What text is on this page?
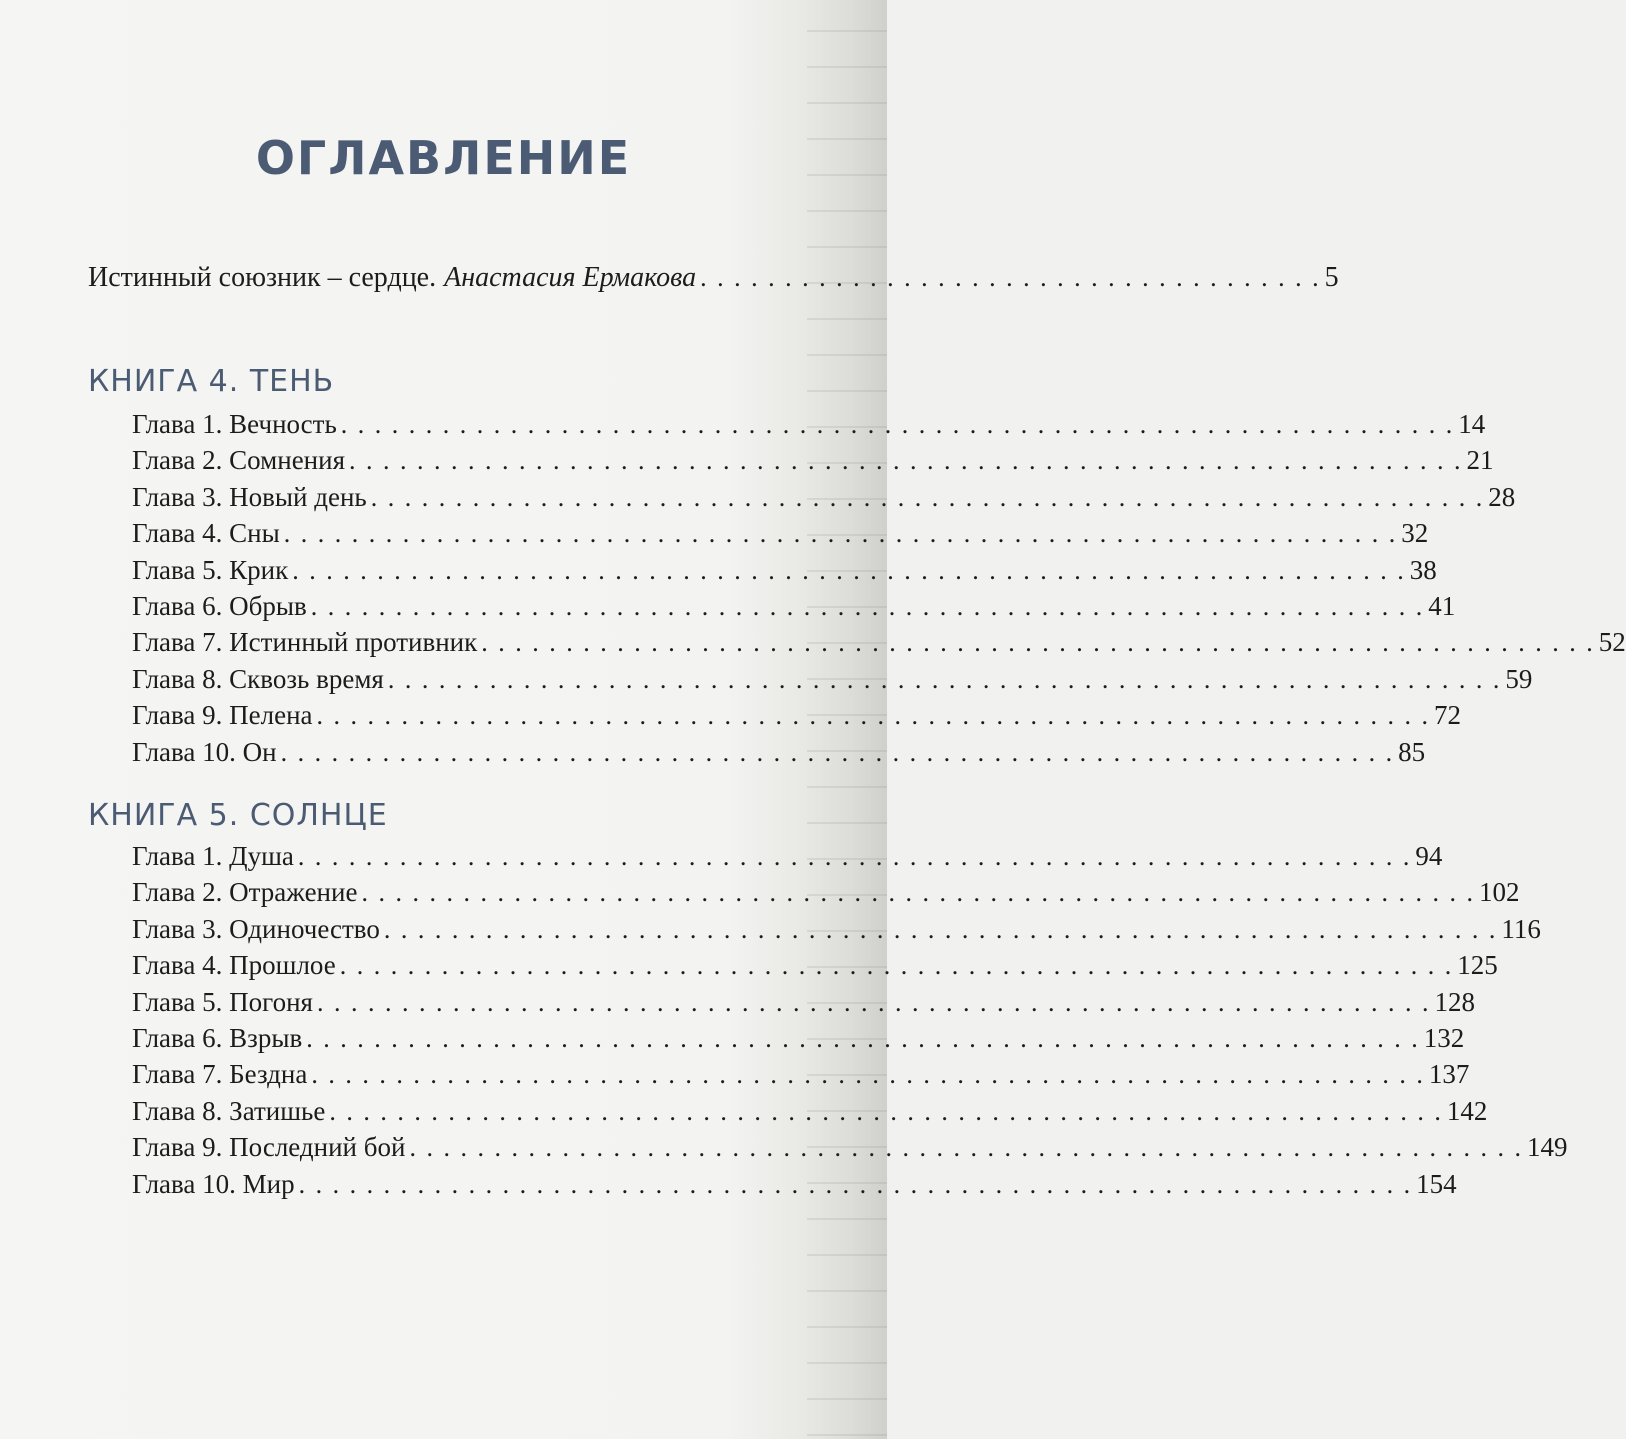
ОГЛАВЛЕНИЕ
Истинный союзник – сердце. Анастасия Ермакова . . . . . . . . . . . . . . . . . . . . . . . . . . . . . . . . . . . . . 5
КНИГА 4. ТЕНЬ
Глава 1. Вечность . . . . . . . . . . . . . . . . . . . . . . . . . . . . . . . . . . . . . . . . . . . . . . . . . . . . . . . . . . . . . . . . . . 14
Глава 2. Сомнения . . . . . . . . . . . . . . . . . . . . . . . . . . . . . . . . . . . . . . . . . . . . . . . . . . . . . . . . . . . . . . . . . . 21
Глава 3. Новый день . . . . . . . . . . . . . . . . . . . . . . . . . . . . . . . . . . . . . . . . . . . . . . . . . . . . . . . . . . . . . . . . . . 28
Глава 4. Сны . . . . . . . . . . . . . . . . . . . . . . . . . . . . . . . . . . . . . . . . . . . . . . . . . . . . . . . . . . . . . . . . . . 32
Глава 5. Крик . . . . . . . . . . . . . . . . . . . . . . . . . . . . . . . . . . . . . . . . . . . . . . . . . . . . . . . . . . . . . . . . . . 38
Глава 6. Обрыв . . . . . . . . . . . . . . . . . . . . . . . . . . . . . . . . . . . . . . . . . . . . . . . . . . . . . . . . . . . . . . . . . . 41
Глава 7. Истинный противник . . . . . . . . . . . . . . . . . . . . . . . . . . . . . . . . . . . . . . . . . . . . . . . . . . . . . . . . . . . . . . . . . . 52
Глава 8. Сквозь время . . . . . . . . . . . . . . . . . . . . . . . . . . . . . . . . . . . . . . . . . . . . . . . . . . . . . . . . . . . . . . . . . . 59
Глава 9. Пелена . . . . . . . . . . . . . . . . . . . . . . . . . . . . . . . . . . . . . . . . . . . . . . . . . . . . . . . . . . . . . . . . . . 72
Глава 10. Он . . . . . . . . . . . . . . . . . . . . . . . . . . . . . . . . . . . . . . . . . . . . . . . . . . . . . . . . . . . . . . . . . . 85
КНИГА 5. СОЛНЦЕ
Глава 1. Душа . . . . . . . . . . . . . . . . . . . . . . . . . . . . . . . . . . . . . . . . . . . . . . . . . . . . . . . . . . . . . . . . . . 94
Глава 2. Отражение . . . . . . . . . . . . . . . . . . . . . . . . . . . . . . . . . . . . . . . . . . . . . . . . . . . . . . . . . . . . . . . . . . 102
Глава 3. Одиночество . . . . . . . . . . . . . . . . . . . . . . . . . . . . . . . . . . . . . . . . . . . . . . . . . . . . . . . . . . . . . . . . . . 116
Глава 4. Прошлое . . . . . . . . . . . . . . . . . . . . . . . . . . . . . . . . . . . . . . . . . . . . . . . . . . . . . . . . . . . . . . . . . . 125
Глава 5. Погоня . . . . . . . . . . . . . . . . . . . . . . . . . . . . . . . . . . . . . . . . . . . . . . . . . . . . . . . . . . . . . . . . . . 128
Глава 6. Взрыв . . . . . . . . . . . . . . . . . . . . . . . . . . . . . . . . . . . . . . . . . . . . . . . . . . . . . . . . . . . . . . . . . . 132
Глава 7. Бездна . . . . . . . . . . . . . . . . . . . . . . . . . . . . . . . . . . . . . . . . . . . . . . . . . . . . . . . . . . . . . . . . . . 137
Глава 8. Затишье . . . . . . . . . . . . . . . . . . . . . . . . . . . . . . . . . . . . . . . . . . . . . . . . . . . . . . . . . . . . . . . . . . 142
Глава 9. Последний бой . . . . . . . . . . . . . . . . . . . . . . . . . . . . . . . . . . . . . . . . . . . . . . . . . . . . . . . . . . . . . . . . . . 149
Глава 10. Мир . . . . . . . . . . . . . . . . . . . . . . . . . . . . . . . . . . . . . . . . . . . . . . . . . . . . . . . . . . . . . . . . . . 154
